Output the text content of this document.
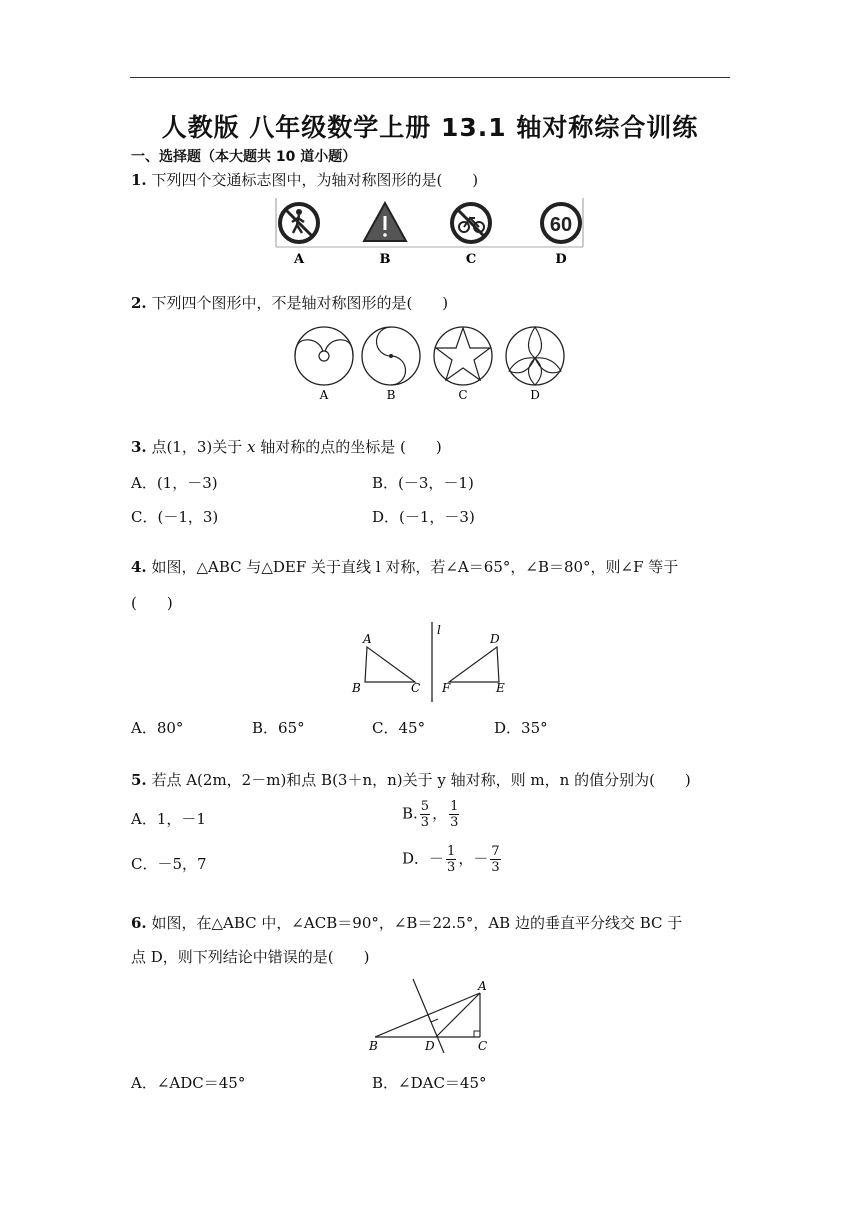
人教版 八年级数学上册 13.1 轴对称综合训练
一、选择题（本大题共 10 道小题）
1. 下列四个交通标志图中，为轴对称图形的是(　　)
60
A	B	C	D
2. 下列四个图形中，不是轴对称图形的是(　　)
A	B	C	D
3. 点(1，3)关于 x 轴对称的点的坐标是 (　　)
A．(1，－3)	B．(－3，－1)
C．(－1，3)	D．(－1，－3)
4. 如图，△ABC 与△DEF 关于直线 l 对称，若∠A＝65°，∠B＝80°，则∠F 等于
(　　)
A
B	C
l
D
E
F
A．80°	B．65°	C．45°	D．35°
5. 若点 A(2m，2－m)和点 B(3＋n，n)关于 y 轴对称，则 m，n 的值分别为(　　)
A．1，－1	B. $\frac{5}{3}$ ， $\frac{1}{3}$
C．－5，7	D．－ $\frac{1}{3}$ ，－ $\frac{7}{3}$
6. 如图，在△ABC 中，∠ACB＝90°，∠B＝22.5°，AB 边的垂直平分线交 BC 于
点 D，则下列结论中错误的是(　　)
A
B	C
D
A．∠ADC＝45°	B．∠DAC＝45°
